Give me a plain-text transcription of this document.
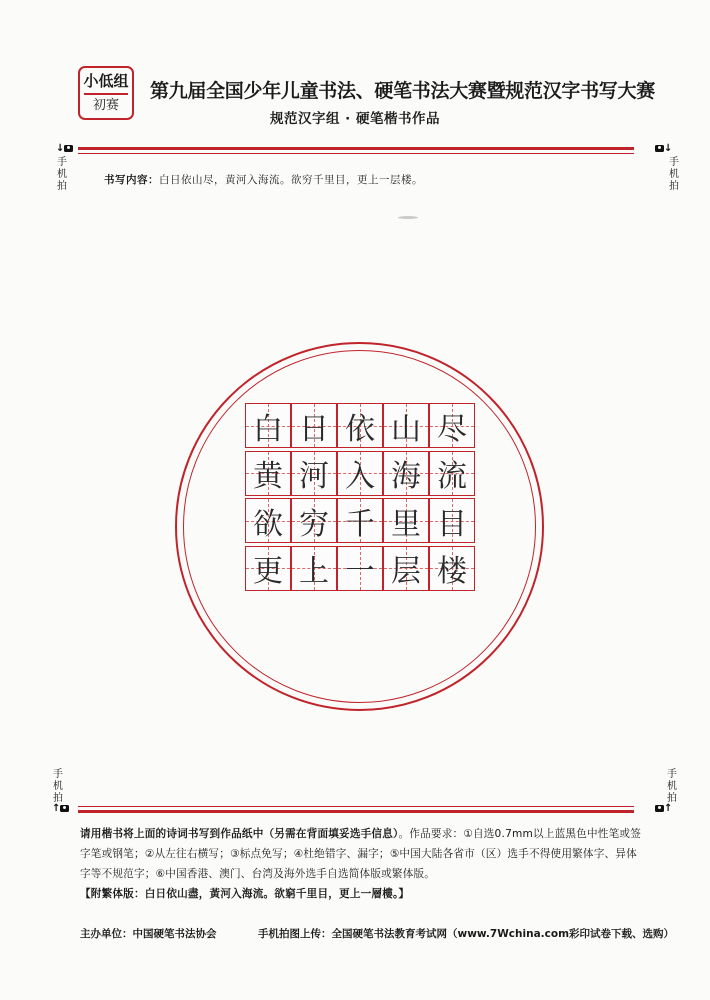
小低组
初赛
第九届全国少年儿童书法、硬笔书法大赛暨规范汉字书写大赛
规范汉字组 · 硬笔楷书作品
↓
手机拍
↓
手机拍
书写内容：白日依山尽，黄河入海流。欲穷千里目，更上一层楼。
白 日 依 山 尽
黄 河 入 海 流
欲 穷 千 里 目
更 上 一 层 楼
手机拍
↑
手机拍
↑
请用楷书将上面的诗词书写到作品纸中（另需在背面填妥选手信息）。作品要求：①自选0.7mm以上蓝黑色中性笔或签字笔或钢笔；②从左往右横写；③标点免写；④杜绝错字、漏字；⑤中国大陆各省市（区）选手不得使用繁体字、异体字等不规范字；⑥中国香港、澳门、台湾及海外选手自选简体版或繁体版。
【附繁体版：白日依山盡，黃河入海流。欲窮千里目，更上一層樓。】
主办单位：中国硬笔书法协会	手机拍图上传：全国硬笔书法教育考试网（www.7Wchina.com彩印试卷下载、选购）
